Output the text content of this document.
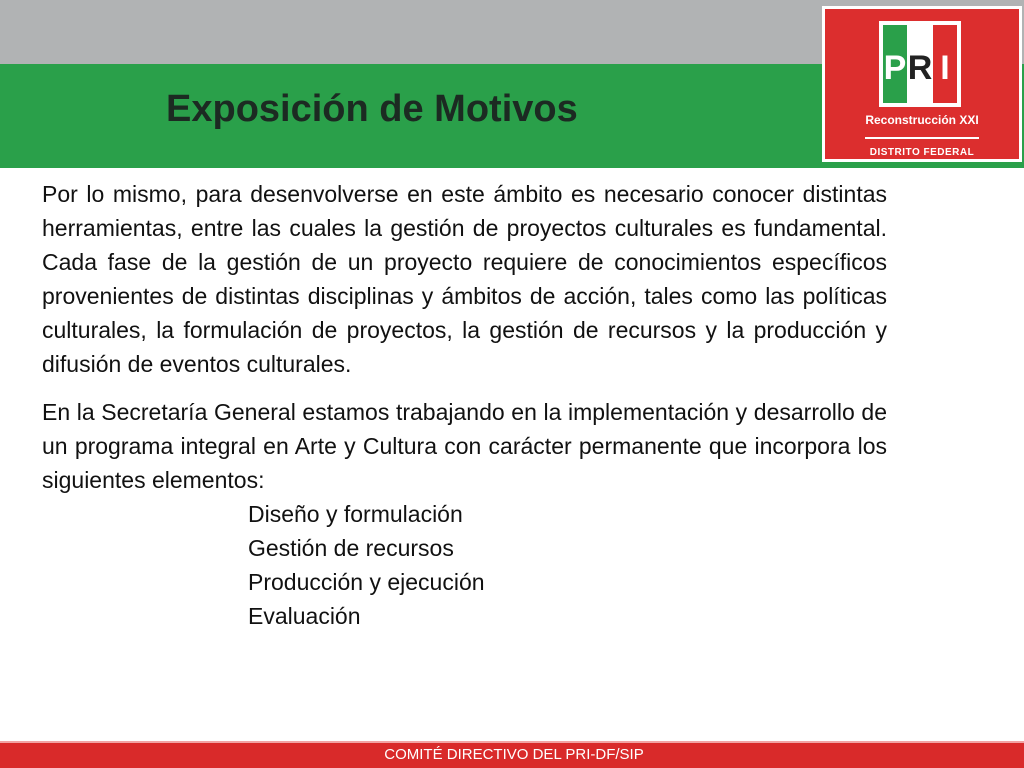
Exposición de Motivos
P R I
Reconstrucción XXI
DISTRITO FEDERAL

Por lo mismo, para desenvolverse en este ámbito es necesario conocer distintas herramientas, entre las cuales la gestión de proyectos culturales es fundamental. Cada fase de la gestión de un proyecto requiere de conocimientos específicos provenientes de distintas disciplinas y ámbitos de acción, tales como las políticas culturales, la formulación de proyectos, la gestión de recursos y la producción y difusión de eventos culturales.

En la Secretaría General estamos trabajando en la implementación y desarrollo de un programa integral en Arte y Cultura con carácter permanente que incorpora los siguientes elementos:

Diseño y formulación
Gestión de recursos
Producción y ejecución
Evaluación
COMITÉ DIRECTIVO DEL PRI-DF/SIP
